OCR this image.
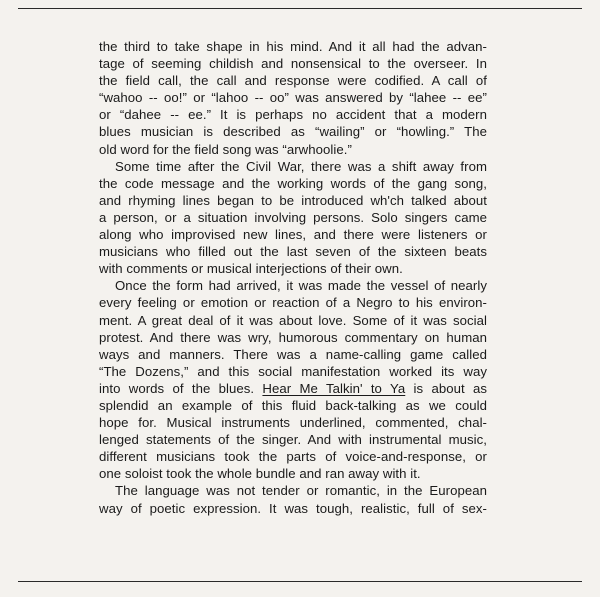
the third to take shape in his mind. And it all had the advan-
tage of seeming childish and nonsensical to the overseer. In
the field call, the call and response were codified. A call of
“wahoo -- oo!” or “lahoo -- oo” was answered by “lahee -- ee”
or “dahee -- ee.” It is perhaps no accident that a modern
blues musician is described as “wailing” or “howling.” The
old word for the field song was “arwhoolie.”
Some time after the Civil War, there was a shift away from
the code message and the working words of the gang song,
and rhyming lines began to be introduced wh'ch talked about
a person, or a situation involving persons. Solo singers came
along who improvised new lines, and there were listeners or
musicians who filled out the last seven of the sixteen beats
with comments or musical interjections of their own.
Once the form had arrived, it was made the vessel of nearly
every feeling or emotion or reaction of a Negro to his environ-
ment. A great deal of it was about love. Some of it was social
protest. And there was wry, humorous commentary on human
ways and manners. There was a name-calling game called
“The Dozens,” and this social manifestation worked its way
into words of the blues. Hear Me Talkin' to Ya is about as
splendid an example of this fluid back-talking as we could
hope for. Musical instruments underlined, commented, chal-
lenged statements of the singer. And with instrumental music,
different musicians took the parts of voice-and-response, or
one soloist took the whole bundle and ran away with it.
The language was not tender or romantic, in the European
way of poetic expression. It was tough, realistic, full of sex-
